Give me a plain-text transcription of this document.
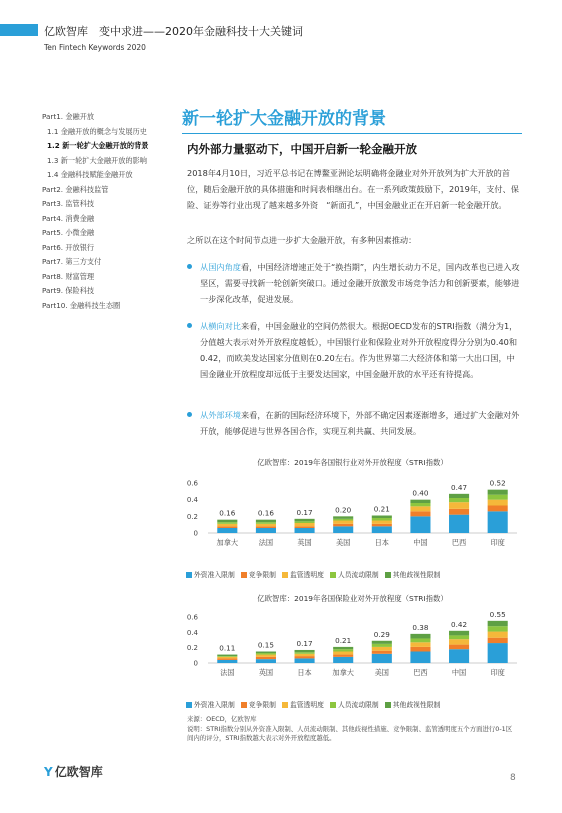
亿欧智库　变中求进——2020年金融科技十大关键词
Ten Fintech Keywords 2020
Part1. 金融开放
1.1 金融开放的概念与发展历史
1.2 新一轮扩大金融开放的背景
1.3 新一轮扩大金融开放的影响
1.4 金融科技赋能金融开放
Part2. 金融科技监管
Part3. 监管科技
Part4. 消费金融
Part5. 小微金融
Part6. 开放银行
Part7. 第三方支付
Part8. 财富管理
Part9. 保险科技
Part10. 金融科技生态圈
新一轮扩大金融开放的背景
内外部力量驱动下，中国开启新一轮金融开放

2018年4月10日，习近平总书记在博鳌亚洲论坛明确将金融业对外开放列为扩大开放的首位，随后金融开放的具体措施和时间表相继出台。在一系列政策鼓励下，2019年，支付、保险、证券等行业出现了越来越多外资　“新面孔”，中国金融业正在开启新一轮金融开放。

之所以在这个时间节点进一步扩大金融开放，有多种因素推动：

从国内角度看，中国经济增速正处于“换挡期”，内生增长动力不足，国内改革也已进入攻坚区，需要寻找新一轮创新突破口。通过金融开放激发市场竞争活力和创新要素，能够进一步深化改革，促进发展。
从横向对比来看，中国金融业的空间仍然很大。根据OECD发布的STRI指数（满分为1，分值越大表示对外开放程度越低），中国银行业和保险业对外开放程度得分分别为0.40和0.42，而欧美发达国家分值则在0.20左右。作为世界第二大经济体和第一大出口国，中国金融业开放程度却远低于主要发达国家，中国金融开放的水平还有待提高。
从外部环境来看，在新的国际经济环境下，外部不确定因素逐渐增多，通过扩大金融对外开放，能够促进与世界各国合作，实现互利共赢、共同发展。
亿欧智库：2019年各国银行业对外开放程度（STRI指数）
0.6
0.4
0.2
0
0.16
加拿大
0.16
法国
0.17
英国
0.20
美国
0.21
日本
0.40
中国
0.47
巴西
0.52
印度
外资准入限制 竞争限制 监管透明度 人员流动限制 其他歧视性限制
亿欧智库：2019年各国保险业对外开放程度（STRI指数）
0.6
0.4
0.2
0
0.11
法国
0.15
英国
0.17
日本
0.21
加拿大
0.29
美国
0.38
巴西
0.42
中国
0.55
印度
外资准入限制 竞争限制 监管透明度 人员流动限制 其他歧视性限制
来源：OECD，亿欧智库
说明：STRI指数分别从外资准入限制、人员流动限制、其他歧视性措施、竞争限制、监管透明度五个方面进行0-1区间内的评分，STRI指数越大表示对外开放程度越低。
Y 亿欧智库	8
